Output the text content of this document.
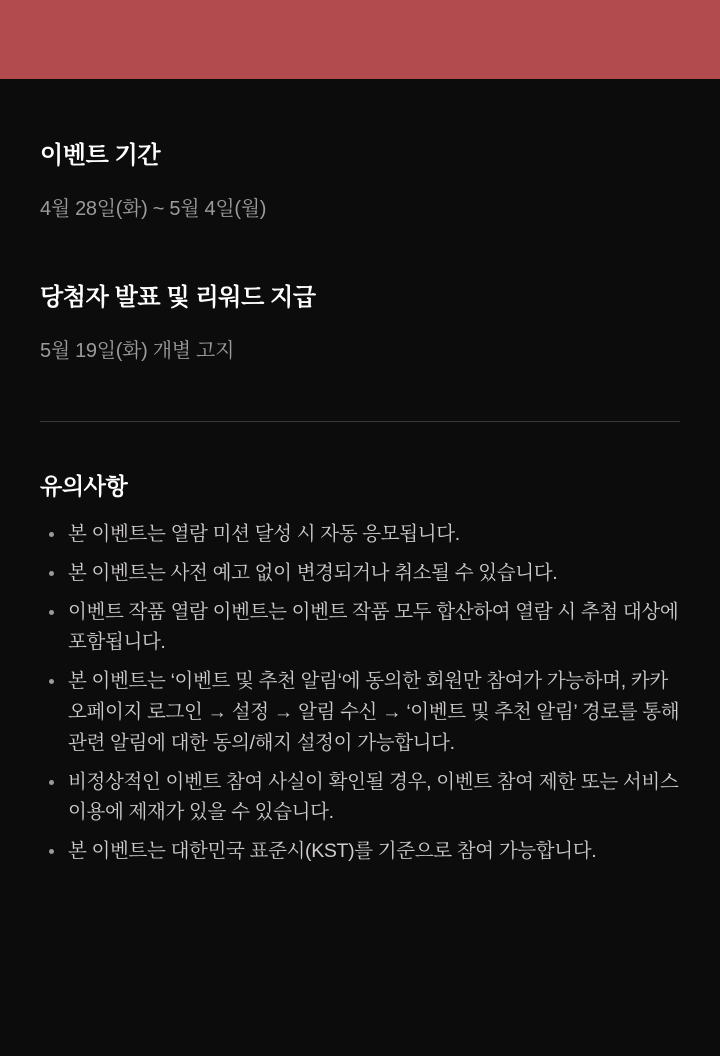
이벤트 기간

4월 28일(화) ~ 5월 4일(월)

당첨자 발표 및 리워드 지급

5월 19일(화) 개별 고지

유의사항
본 이벤트는 열람 미션 달성 시 자동 응모됩니다.
본 이벤트는 사전 예고 없이 변경되거나 취소될 수 있습니다.
이벤트 작품 열람 이벤트는 이벤트 작품 모두 합산하여 열람 시 추첨 대상에 포함됩니다.
본 이벤트는 ‘이벤트 및 추천 알림‘에 동의한 회원만 참여가 가능하며, 카카오페이지 로그인 → 설정 → 알림 수신 → ‘이벤트 및 추천 알림’ 경로를 통해 관련 알림에 대한 동의/해지 설정이 가능합니다.
비정상적인 이벤트 참여 사실이 확인될 경우, 이벤트 참여 제한 또는 서비스 이용에 제재가 있을 수 있습니다.
본 이벤트는 대한민국 표준시(KST)를 기준으로 참여 가능합니다.
